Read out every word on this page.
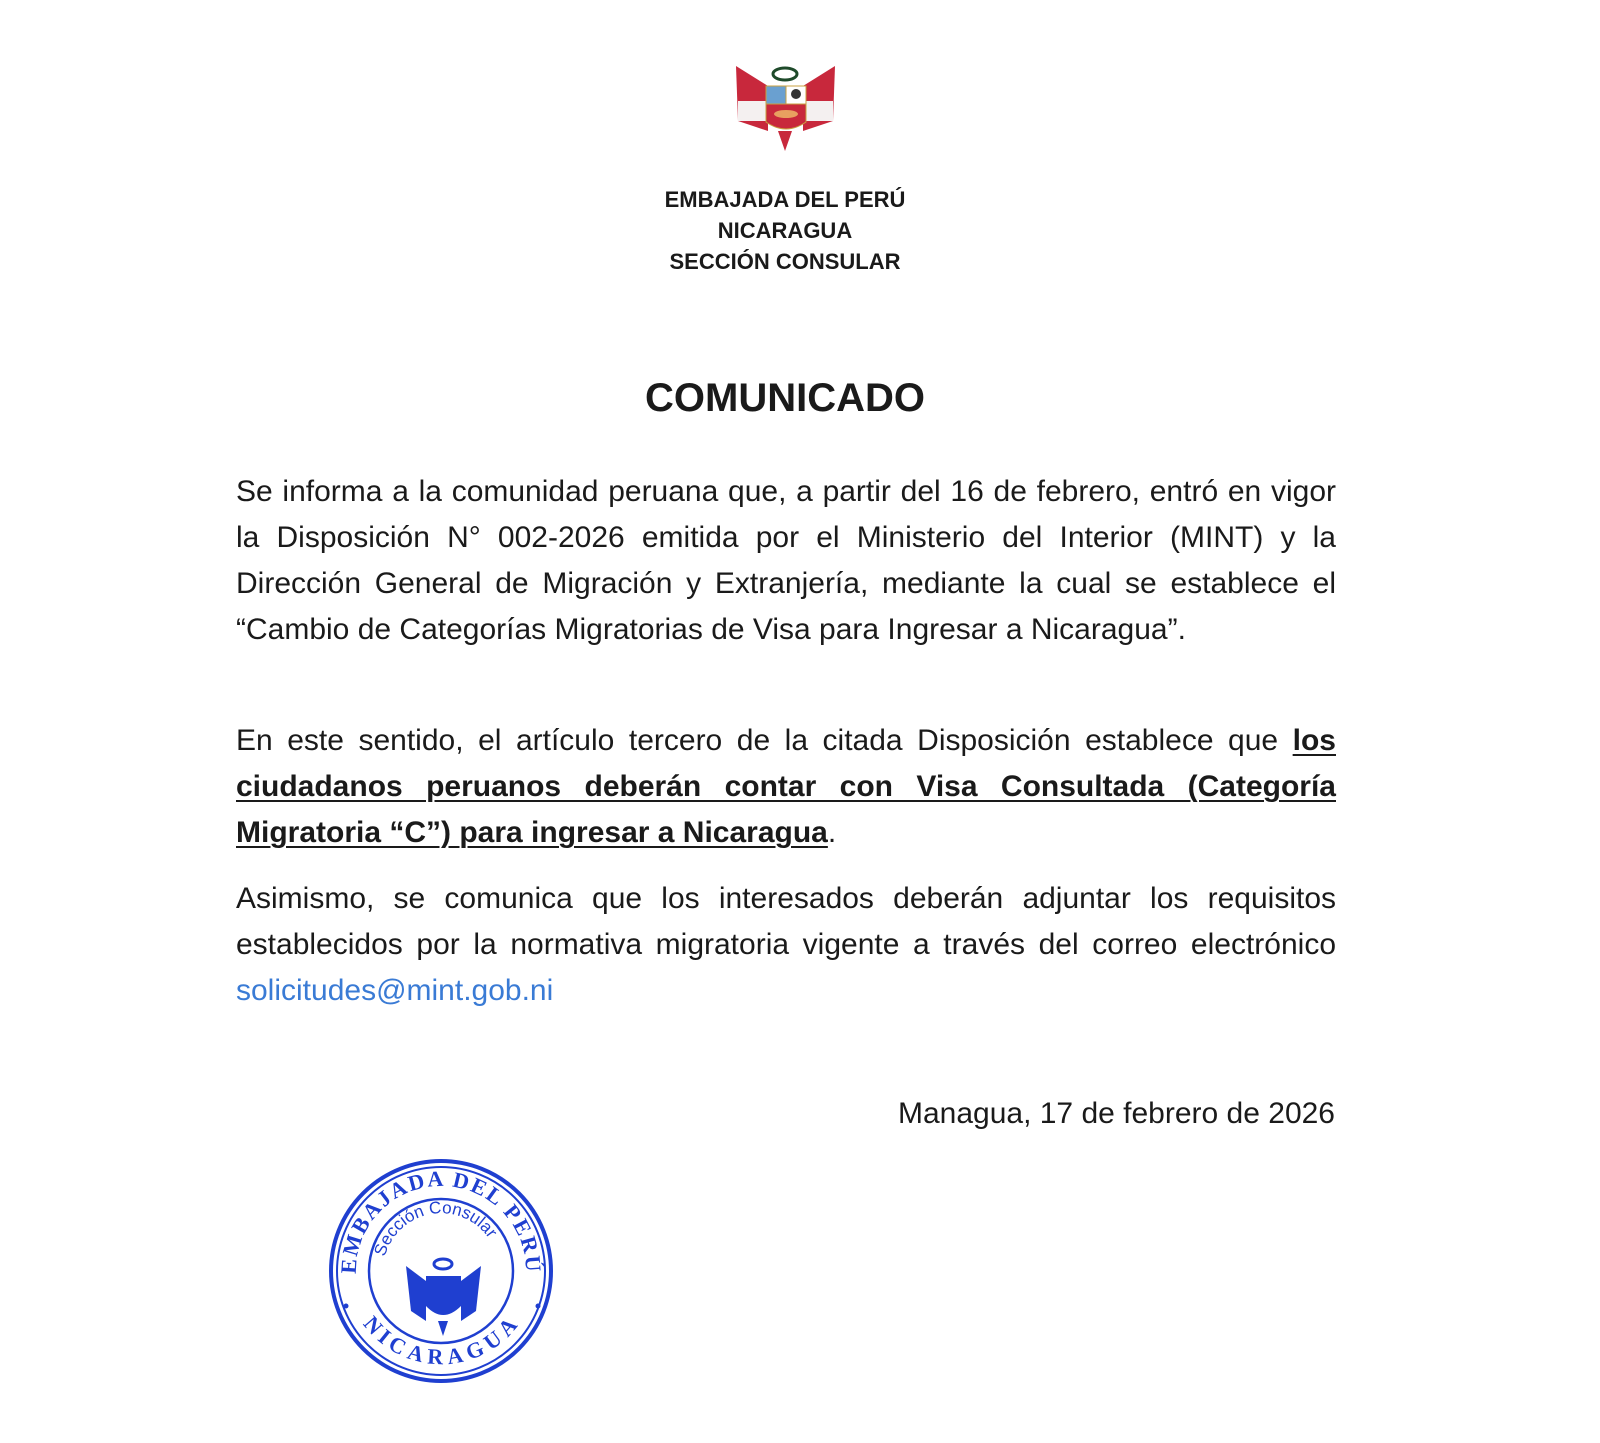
EMBAJADA DEL PERÚ
NICARAGUA
SECCIÓN CONSULAR
COMUNICADO

Se informa a la comunidad peruana que, a partir del 16 de febrero, entró en vigor la Disposición N° 002-2026 emitida por el Ministerio del Interior (MINT) y la Dirección General de Migración y Extranjería, mediante la cual se establece el “Cambio de Categorías Migratorias de Visa para Ingresar a Nicaragua”.

En este sentido, el artículo tercero de la citada Disposición establece que los ciudadanos peruanos deberán contar con Visa Consultada (Categoría Migratoria “C”) para ingresar a Nicaragua.

Asimismo, se comunica que los interesados deberán adjuntar los requisitos establecidos por la normativa migratoria vigente a través del correo electrónico solicitudes@mint.gob.ni

Managua, 17 de febrero de 2026
EMBAJADA DEL PERÚ
NICARAGUA
Sección Consular
